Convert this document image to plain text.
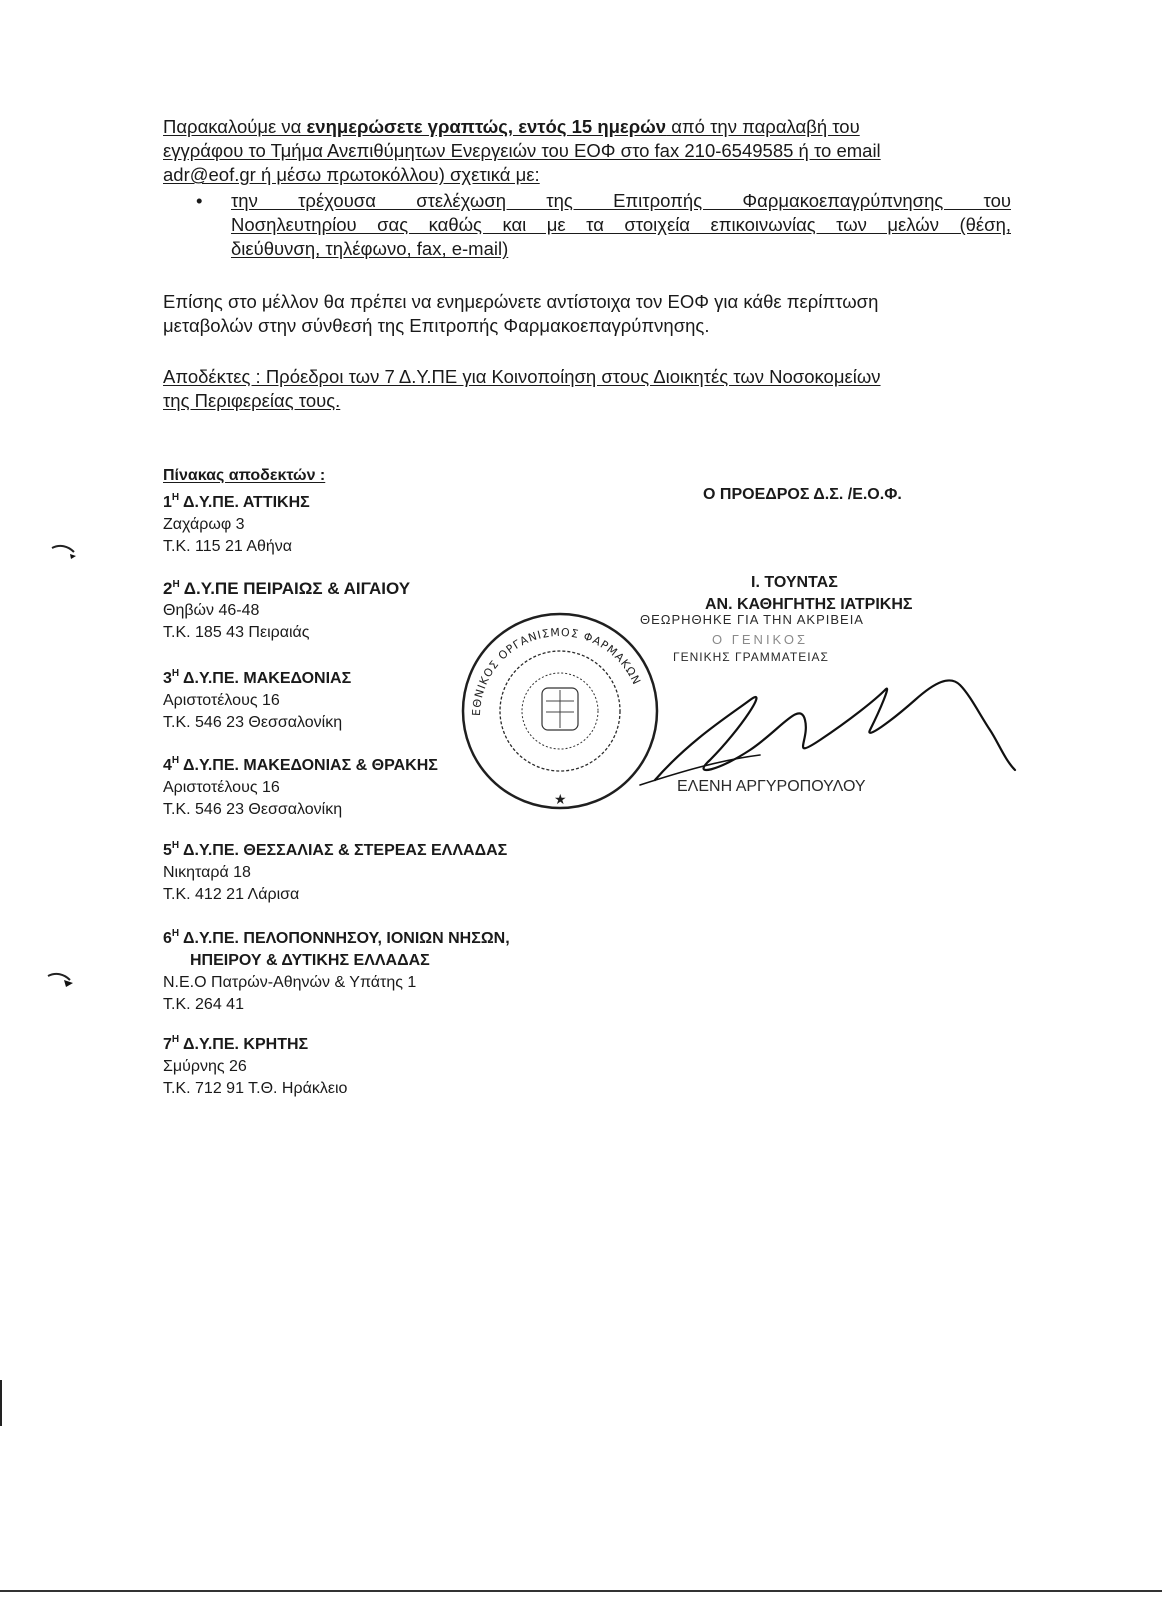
Παρακαλούμε να ενημερώσετε γραπτώς, εντός 15 ημερών από την παραλαβή του
εγγράφου το Τμήμα Ανεπιθύμητων Ενεργειών του ΕΟΦ στο fax 210-6549585 ή το email
adr@eof.gr ή μέσω πρωτοκόλλου) σχετικά με:
• την τρέχουσα στελέχωση της Επιτροπής Φαρμακοεπαγρύπνησης του
Νοσηλευτηρίου σας καθώς και με τα στοιχεία επικοινωνίας των μελών (θέση,
διεύθυνση, τηλέφωνο, fax, e-mail)
Επίσης στο μέλλον θα πρέπει να ενημερώνετε αντίστοιχα τον ΕΟΦ για κάθε περίπτωση
μεταβολών στην σύνθεσή της Επιτροπής Φαρμακοεπαγρύπνησης.
Αποδέκτες : Πρόεδροι των 7 Δ.Υ.ΠΕ για Κοινοποίηση στους Διοικητές των Νοσοκομείων
της Περιφερείας τους.
Πίνακας αποδεκτών :
$1^H$ Δ.Υ.ΠΕ. ΑΤΤΙΚΗΣ
Ζαχάρωφ 3
Τ.Κ. 115 21 Αθήνα
$2^H$ Δ.Υ.ΠΕ ΠΕΙΡΑΙΩΣ & ΑΙΓΑΙΟΥ
Θηβών 46-48
Τ.Κ. 185 43 Πειραιάς
$3^H$ Δ.Υ.ΠΕ. ΜΑΚΕΔΟΝΙΑΣ
Αριστοτέλους 16
Τ.Κ. 546 23 Θεσσαλονίκη
$4^H$ Δ.Υ.ΠΕ. ΜΑΚΕΔΟΝΙΑΣ & ΘΡΑΚΗΣ
Αριστοτέλους 16
Τ.Κ. 546 23 Θεσσαλονίκη
$5^H$ Δ.Υ.ΠΕ. ΘΕΣΣΑΛΙΑΣ & ΣΤΕΡΕΑΣ ΕΛΛΑΔΑΣ
Νικηταρά 18
Τ.Κ. 412 21 Λάρισα
$6^H$ Δ.Υ.ΠΕ. ΠΕΛΟΠΟΝΝΗΣΟΥ, ΙΟΝΙΩΝ ΝΗΣΩΝ,
ΗΠΕΙΡΟΥ & ΔΥΤΙΚΗΣ ΕΛΛΑΔΑΣ
Ν.Ε.Ο Πατρών-Αθηνών & Υπάτης 1
Τ.Κ. 264 41
$7^H$ Δ.Υ.ΠΕ. ΚΡΗΤΗΣ
Σμύρνης 26
Τ.Κ. 712 91 Τ.Θ. Ηράκλειο
Ο ΠΡΟΕΔΡΟΣ Δ.Σ. /Ε.Ο.Φ.
Ι. ΤΟΥΝΤΑΣ
ΑΝ. ΚΑΘΗΓΗΤΗΣ ΙΑΤΡΙΚΗΣ
ΘΕΩΡΗΘΗΚΕ ΓΙΑ ΤΗΝ ΑΚΡΙΒΕΙΑ
Ο ΓΕΝΙΚΟΣ
ΓΕΝΙΚΗΣ ΓΡΑΜΜΑΤΕΙΑΣ
ΕΛΕΝΗ ΑΡΓΥΡΟΠΟΥΛΟΥ
ΕΘΝΙΚΟΣ ΟΡΓΑΝΙΣΜΟΣ ΦΑΡΜΑΚΩΝ
★
